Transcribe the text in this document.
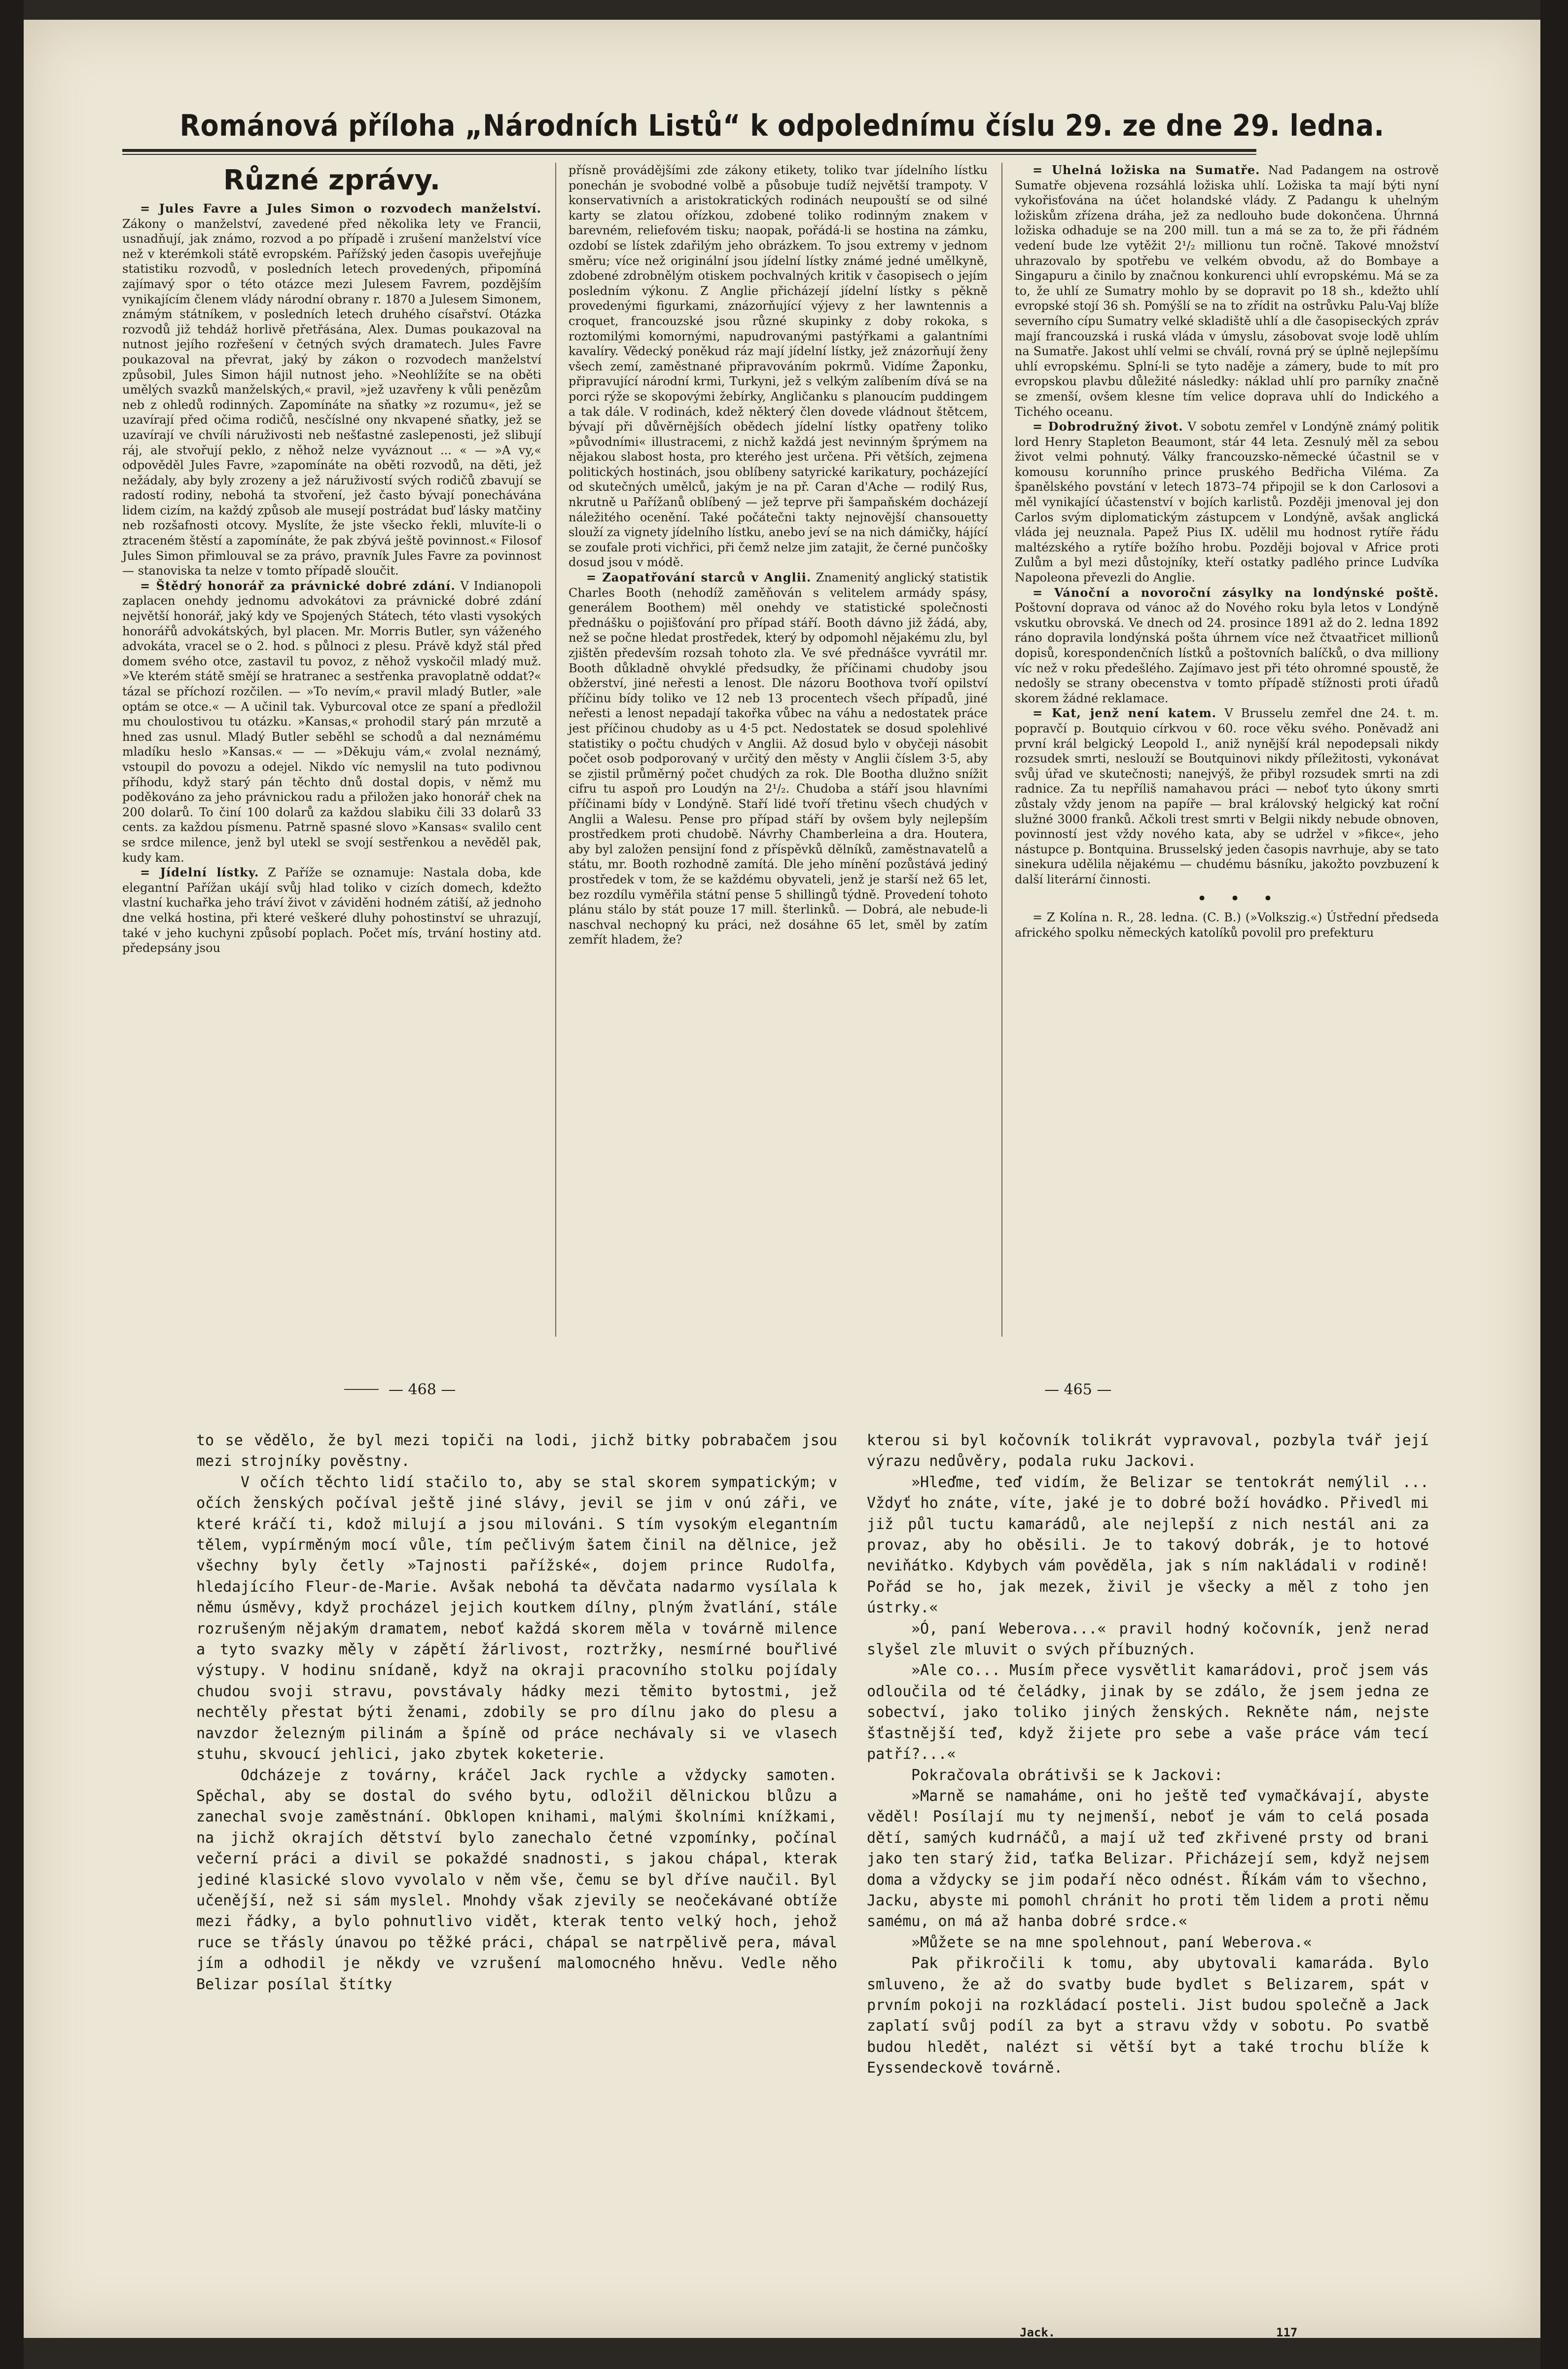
Románová příloha „Národních Listů“ k odpolednímu číslu 29. ze dne 29. ledna.
Různé zprávy.

= Jules Favre a Jules Simon o rozvodech manželství. Zákony o manželství, zavedené před několika lety ve Francii, usnadňují, jak známo, rozvod a po případě i zrušení manželství více než v kterémkoli státě evropském. Pařížský jeden časopis uveřejňuje statistiku rozvodů, v posledních letech provedených, připomíná zajímavý spor o této otázce mezi Julesem Favrem, pozdějším vynikajícím členem vlády národní obrany r. 1870 a Julesem Simonem, známým státníkem, v posledních letech druhého císařství. Otázka rozvodů již tehdáž horlivě přetřásána, Alex. Dumas poukazoval na nutnost jejího rozřešení v četných svých dramatech. Jules Favre poukazoval na převrat, jaký by zákon o rozvodech manželství způsobil, Jules Simon hájil nutnost jeho. »Neohlížíte se na oběti umělých svazků manželských,« pravil, »jež uzavřeny k vůli penězům neb z ohledů rodinných. Zapomínáte na sňatky »z rozumu«, jež se uzavírají před očima rodičů, nesčíslné ony nkvapené sňatky, jež se uzavírají ve chvíli náruživosti neb nešťastné zaslepenosti, jež slibují ráj, ale stvořují peklo, z něhož nelze vyváznout ... « — »A vy,« odpověděl Jules Favre, »zapomínáte na oběti rozvodů, na děti, jež nežádaly, aby byly zrozeny a jež náruživostí svých rodičů zbavují se radostí rodiny, nebohá ta stvoření, jež často bývají ponechávána lidem cizím, na každý způsob ale musejí postrádat buď lásky matčiny neb rozšafnosti otcovy. Myslíte, že jste všecko řekli, mluvíte-li o ztraceném štěstí a zapomínáte, že pak zbývá ještě povinnost.« Filosof Jules Simon přimlouval se za právo, pravník Jules Favre za povinnost — stanoviska ta nelze v tomto případě sloučit.

= Štědrý honorář za právnické dobré zdání. V Indianopoli zaplacen onehdy jednomu advokátovi za právnické dobré zdání největší honorář, jaký kdy ve Spojených Státech, této vlasti vysokých honorářů advokátských, byl placen. Mr. Morris Butler, syn váženého advokáta, vracel se o 2. hod. s půlnoci z plesu. Právě když stál před domem svého otce, zastavil tu povoz, z něhož vyskočil mladý muž. »Ve kterém státě smějí se hratranec a sestřenka pravoplatně oddat?« tázal se příchozí rozčilen. — »To nevím,« pravil mladý Butler, »ale optám se otce.« — A učinil tak. Vyburcoval otce ze spaní a předložil mu choulostivou tu otázku. »Kansas,« prohodil starý pán mrzutě a hned zas usnul. Mladý Butler seběhl se schodů a dal neznámému mladíku heslo »Kansas.« — — »Děkuju vám,« zvolal neznámý, vstoupil do povozu a odejel. Nikdo víc nemyslil na tuto podivnou příhodu, když starý pán těchto dnů dostal dopis, v němž mu poděkováno za jeho právnickou radu a přiložen jako honorář chek na 200 dolarů. To činí 100 dolarů za každou slabiku čili 33 dolarů 33 cents. za každou písmenu. Patrně spasné slovo »Kansas« svalilo cent se srdce milence, jenž byl utekl se svojí sestřenkou a nevěděl pak, kudy kam.

= Jídelní lístky. Z Paříže se oznamuje: Nastala doba, kde elegantní Pařížan ukájí svůj hlad toliko v cizích domech, kdežto vlastní kuchařka jeho tráví život v záviděni hodném zátiší, až jednoho dne velká hostina, při které veškeré dluhy pohostinství se uhrazují, také v jeho kuchyni způsobí poplach. Počet mís, trvání hostiny atd. předepsány jsou

přísně provádějšími zde zákony etikety, toliko tvar jídelního lístku ponechán je svobodné volbě a působuje tudíž největší trampoty. V konservativních a aristokratických rodinách neupouští se od silné karty se zlatou ořízkou, zdobené toliko rodinným znakem v barevném, reliefovém tisku; naopak, pořádá-li se hostina na zámku, ozdobí se lístek zdařilým jeho obrázkem. To jsou extremy v jednom směru; více než originální jsou jídelní lístky známé jedné umělkyně, zdobené zdrobnělým otiskem pochvalných kritik v časopisech o jejím posledním výkonu. Z Anglie přicházejí jídelní lístky s pěkně provedenými figurkami, znázorňující výjevy z her lawntennis a croquet, francouzské jsou různé skupinky z doby rokoka, s roztomilými komornými, napudrovanými pastýřkami a galantními kavalíry. Vědecký poněkud ráz mají jídelní lístky, jež znázorňují ženy všech zemí, zaměstnané připravováním pokrmů. Vidíme Žaponku, připravující národní krmi, Turkyni, jež s velkým zalíbením dívá se na porci rýže se skopovými žebírky, Angličanku s planoucím puddingem a tak dále. V rodinách, kdež některý člen dovede vládnout štětcem, bývají při důvěrnějších obědech jídelní lístky opatřeny toliko »původními« illustracemi, z nichž každá jest nevinným šprýmem na nějakou slabost hosta, pro kterého jest určena. Při větších, zejmena politických hostinách, jsou oblíbeny satyrické karikatury, pocházející od skutečných umělců, jakým je na př. Caran d'Ache — rodilý Rus, nkrutně u Pařížanů oblíbený — jež teprve při šampaňském docházejí náležitého ocenění. Také počátečni takty nejnovější chansouetty slouží za vignety jídelního lístku, anebo jeví se na nich dámičky, hájící se zoufale proti vichřici, při čemž nelze jim zatajit, že černé punčošky dosud jsou v módě.

= Zaopatřování starců v Anglii. Znamenitý anglický statistik Charles Booth (nehodíž zaměňován s velitelem armády spásy, generálem Boothem) měl onehdy ve statistické společnosti přednášku o pojišťování pro případ stáří. Booth dávno již žádá, aby, než se počne hledat prostředek, který by odpomohl nějakému zlu, byl zjištěn především rozsah tohoto zla. Ve své přednášce vyvrátil mr. Booth důkladně ohvyklé předsudky, že příčinami chudoby jsou obžerství, jiné neřesti a lenost. Dle názoru Boothova tvoří opilství příčinu bídy toliko ve 12 neb 13 procentech všech případů, jiné neřesti a lenost nepadají takořka vůbec na váhu a nedostatek práce jest příčinou chudoby as u 4·5 pct. Nedostatek se dosud spolehlivé statistiky o počtu chudých v Anglii. Až dosud bylo v obyčeji násobit počet osob podporovaný v určitý den městy v Anglii číslem 3·5, aby se zjistil průměrný počet chudých za rok. Dle Bootha dlužno snížit cifru tu aspoň pro Loudýn na 2¹/₂. Chudoba a stáří jsou hlavními příčinami bídy v Londýně. Staří lidé tvoří třetinu všech chudých v Anglii a Walesu. Pense pro případ stáří by ovšem byly nejlepším prostředkem proti chudobě. Návrhy Chamberleina a dra. Houtera, aby byl založen pensijní fond z příspěvků dělníků, zaměstnavatelů a státu, mr. Booth rozhodně zamítá. Dle jeho mínění pozůstává jediný prostředek v tom, že se každému obyvateli, jenž je starší než 65 let, bez rozdílu vyměřila státní pense 5 shillingů týdně. Provedení tohoto plánu stálo by stát pouze 17 mill. šterlinků. — Dobrá, ale nebude-li naschval nechopný ku práci, než dosáhne 65 let, směl by zatím zemřít hladem, že?

= Uhelná ložiska na Sumatře. Nad Padangem na ostrově Sumatře objevena rozsáhlá ložiska uhlí. Ložiska ta mají býti nyní vykořisťována na účet holandské vlády. Z Padangu k uhelným ložiskům zřízena dráha, jež za nedlouho bude dokončena. Úhrnná ložiska odhaduje se na 200 mill. tun a má se za to, že při řádném vedení bude lze vytěžit 2¹/₂ millionu tun ročně. Takové množství uhrazovalo by spotřebu ve velkém obvodu, až do Bombaye a Singapuru a činilo by značnou konkurenci uhlí evropskému. Má se za to, že uhlí ze Sumatry mohlo by se dopravit po 18 sh., kdežto uhlí evropské stojí 36 sh. Pomýšlí se na to zřídit na ostrůvku Palu-Vaj blíže severního cípu Sumatry velké skladiště uhlí a dle časopiseckých zpráv mají francouzská i ruská vláda v úmyslu, zásobovat svoje lodě uhlím na Sumatře. Jakost uhlí velmi se chválí, rovná prý se úplně nejlepšímu uhlí evropskému. Splní-li se tyto naděje a zámery, bude to mít pro evropskou plavbu důležité následky: náklad uhlí pro parníky značně se zmenší, ovšem klesne tím velice doprava uhlí do Indického a Tichého oceanu.

= Dobrodružný život. V sobotu zemřel v Londýně známý politik lord Henry Stapleton Beaumont, stár 44 leta. Zesnulý měl za sebou život velmi pohnutý. Války francouzsko-německé účastnil se v komousu korunního prince pruského Bedřicha Viléma. Za španělského povstání v letech 1873–74 připojil se k don Carlosovi a měl vynikající účastenství v bojích karlistů. Později jmenoval jej don Carlos svým diplomatickým zástupcem v Londýně, avšak anglická vláda jej neuznala. Papež Pius IX. udělil mu hodnost rytíře řádu maltézského a rytíře božího hrobu. Později bojoval v Africe proti Zulům a byl mezi důstojníky, kteří ostatky padlého prince Ludvíka Napoleona převezli do Anglie.

= Vánoční a novoroční zásylky na londýnské poště. Poštovní doprava od vánoc až do Nového roku byla letos v Londýně vskutku obrovská. Ve dnech od 24. prosince 1891 až do 2. ledna 1892 ráno dopravila londýnská pošta úhrnem více než čtvaatřicet millionů dopisů, korespondenčních lístků a poštovních balíčků, o dva milliony víc než v roku předešlého. Zajímavo jest při této ohromné spoustě, že nedošly se strany obecenstva v tomto případě stížnosti proti úřadů skorem žádné reklamace.

= Kat, jenž není katem. V Brusselu zemřel dne 24. t. m. popravčí p. Boutquio církvou v 60. roce věku svého. Poněvadž ani první král belgický Leopold I., aniž nynější král nepodepsali nikdy rozsudek smrti, neslouží se Boutquinovi nikdy příležitosti, vykonávat svůj úřad ve skutečnosti; nanejvýš, že přibyl rozsudek smrti na zdi radnice. Za tu nepříliš namahavou práci — neboť tyto úkony smrti zůstaly vždy jenom na papíře — bral královský helgický kat roční služné 3000 franků. Ačkoli trest smrti v Belgii nikdy nebude obnoven, povinností jest vždy nového kata, aby se udržel v »fikce«, jeho nástupce p. Bontquina. Brusselský jeden časopis navrhuje, aby se tato sinekura udělila nějakému — chudému básníku, jakožto povzbuzení k další literární činnosti.

• • •

= Z Kolína n. R., 28. ledna. (C. B.) (»Volkszig.«) Ústřední předseda afrického spolku německých katolíků povolil pro prefekturu

— 468 —	— 465 —

to se vědělo, že byl mezi topiči na lodi, jichž bitky pobrabačem jsou mezi strojníky pověstny.

V očích těchto lidí stačilo to, aby se stal skorem sympatickým; v očích ženských počíval ještě jiné slávy, jevil se jim v onú záři, ve které kráčí ti, kdož milují a jsou milováni. S tím vysokým elegantním tělem, vypírměným mocí vůle, tím pečlivým šatem činil na dělnice, jež všechny byly četly »Tajnosti pařížské«, dojem prince Rudolfa, hledajícího Fleur-de-Marie. Avšak nebohá ta děvčata nadarmo vysílala k němu úsměvy, když procházel jejich koutkem dílny, plným žvatlání, stále rozrušeným nějakým dramatem, neboť každá skorem měla v továrně milence a tyto svazky měly v zápětí žárlivost, roztržky, nesmírné bouřlivé výstupy. V hodinu snídaně, když na okraji pracovního stolku pojídaly chudou svoji stravu, povstávaly hádky mezi těmito bytostmi, jež nechtěly přestat býti ženami, zdobily se pro dílnu jako do plesu a navzdor železným pilinám a špíně od práce nechávaly si ve vlasech stuhu, skvoucí jehlici, jako zbytek koketerie.

Odcházeje z továrny, kráčel Jack rychle a vždycky samoten. Spěchal, aby se dostal do svého bytu, odložil dělnickou blůzu a zanechal svoje zaměstnání. Obklopen knihami, malými školními knížkami, na jichž okrajích dětství bylo zanechalo četné vzpomínky, počínal večerní práci a divil se pokaždé snadnosti, s jakou chápal, kterak jediné klasické slovo vyvolalo v něm vše, čemu se byl dříve naučil. Byl učeněj́ší, než si sám myslel. Mnohdy však zjevily se neočekávané obtíže mezi řádky, a bylo pohnutlivo vidět, kterak tento velký hoch, jehož ruce se třásly únavou po těžké práci, chápal se natrpělivě pera, mával jím a odhodil je někdy ve vzrušení malomocného hněvu. Vedle něho Belizar posílal štítky

kterou si byl kočovník tolikrát vypravoval, pozbyla tvář její výrazu nedůvěry, podala ruku Jackovi.

»Hleďme, teď vidím, že Belizar se tentokrát nemýlil ... Vždyť ho znáte, víte, jaké je to dobré boží hovádko. Přivedl mi již půl tuctu kamarádů, ale nejlepší z nich nestál ani za provaz, aby ho oběsili. Je to takový dobrák, je to hotové neviňátko. Kdybych vám pověděla, jak s ním nakládali v rodině! Pořád se ho, jak mezek, živil je všecky a měl z toho jen ústrky.«

»Ó, paní Weberova...« pravil hodný kočovník, jenž nerad slyšel zle mluvit o svých příbuzných.

»Ale co... Musím přece vysvětlit kamarádovi, proč jsem vás odloučila od té čeládky, jinak by se zdálo, že jsem jedna ze sobectví, jako toliko jiných ženských. Rekněte nám, nejste šťastnější teď, když žijete pro sebe a vaše práce vám tecí patří?...«

Pokračovala obrátivši se k Jackovi:

»Marně se namaháme, oni ho ještě teď vymačkávají, abyste věděl! Posílají mu ty nejmenší, neboť je vám to celá posada dětí, samých kudrnáčů, a mají už teď zkřivené prsty od brani jako ten starý žid, taťka Belizar. Přicházejí sem, když nejsem doma a vždycky se jim podaří něco odnést. Říkám vám to všechno, Jacku, abyste mi pomohl chránit ho proti těm lidem a proti němu samému, on má až hanba dobré srdce.«

»Můžete se na mne spolehnout, paní Weberova.«

Pak přikročili k tomu, aby ubytovali kamaráda. Bylo smluveno, že až do svatby bude bydlet s Belizarem, spát v prvním pokoji na rozkládací posteli. Jist budou společně a Jack zaplatí svůj podíl za byt a stravu vždy v sobotu. Po svatbě budou hledět, nalézt si větší byt a také trochu blíže k Eyssendeckově továrně.

Jack.	117
